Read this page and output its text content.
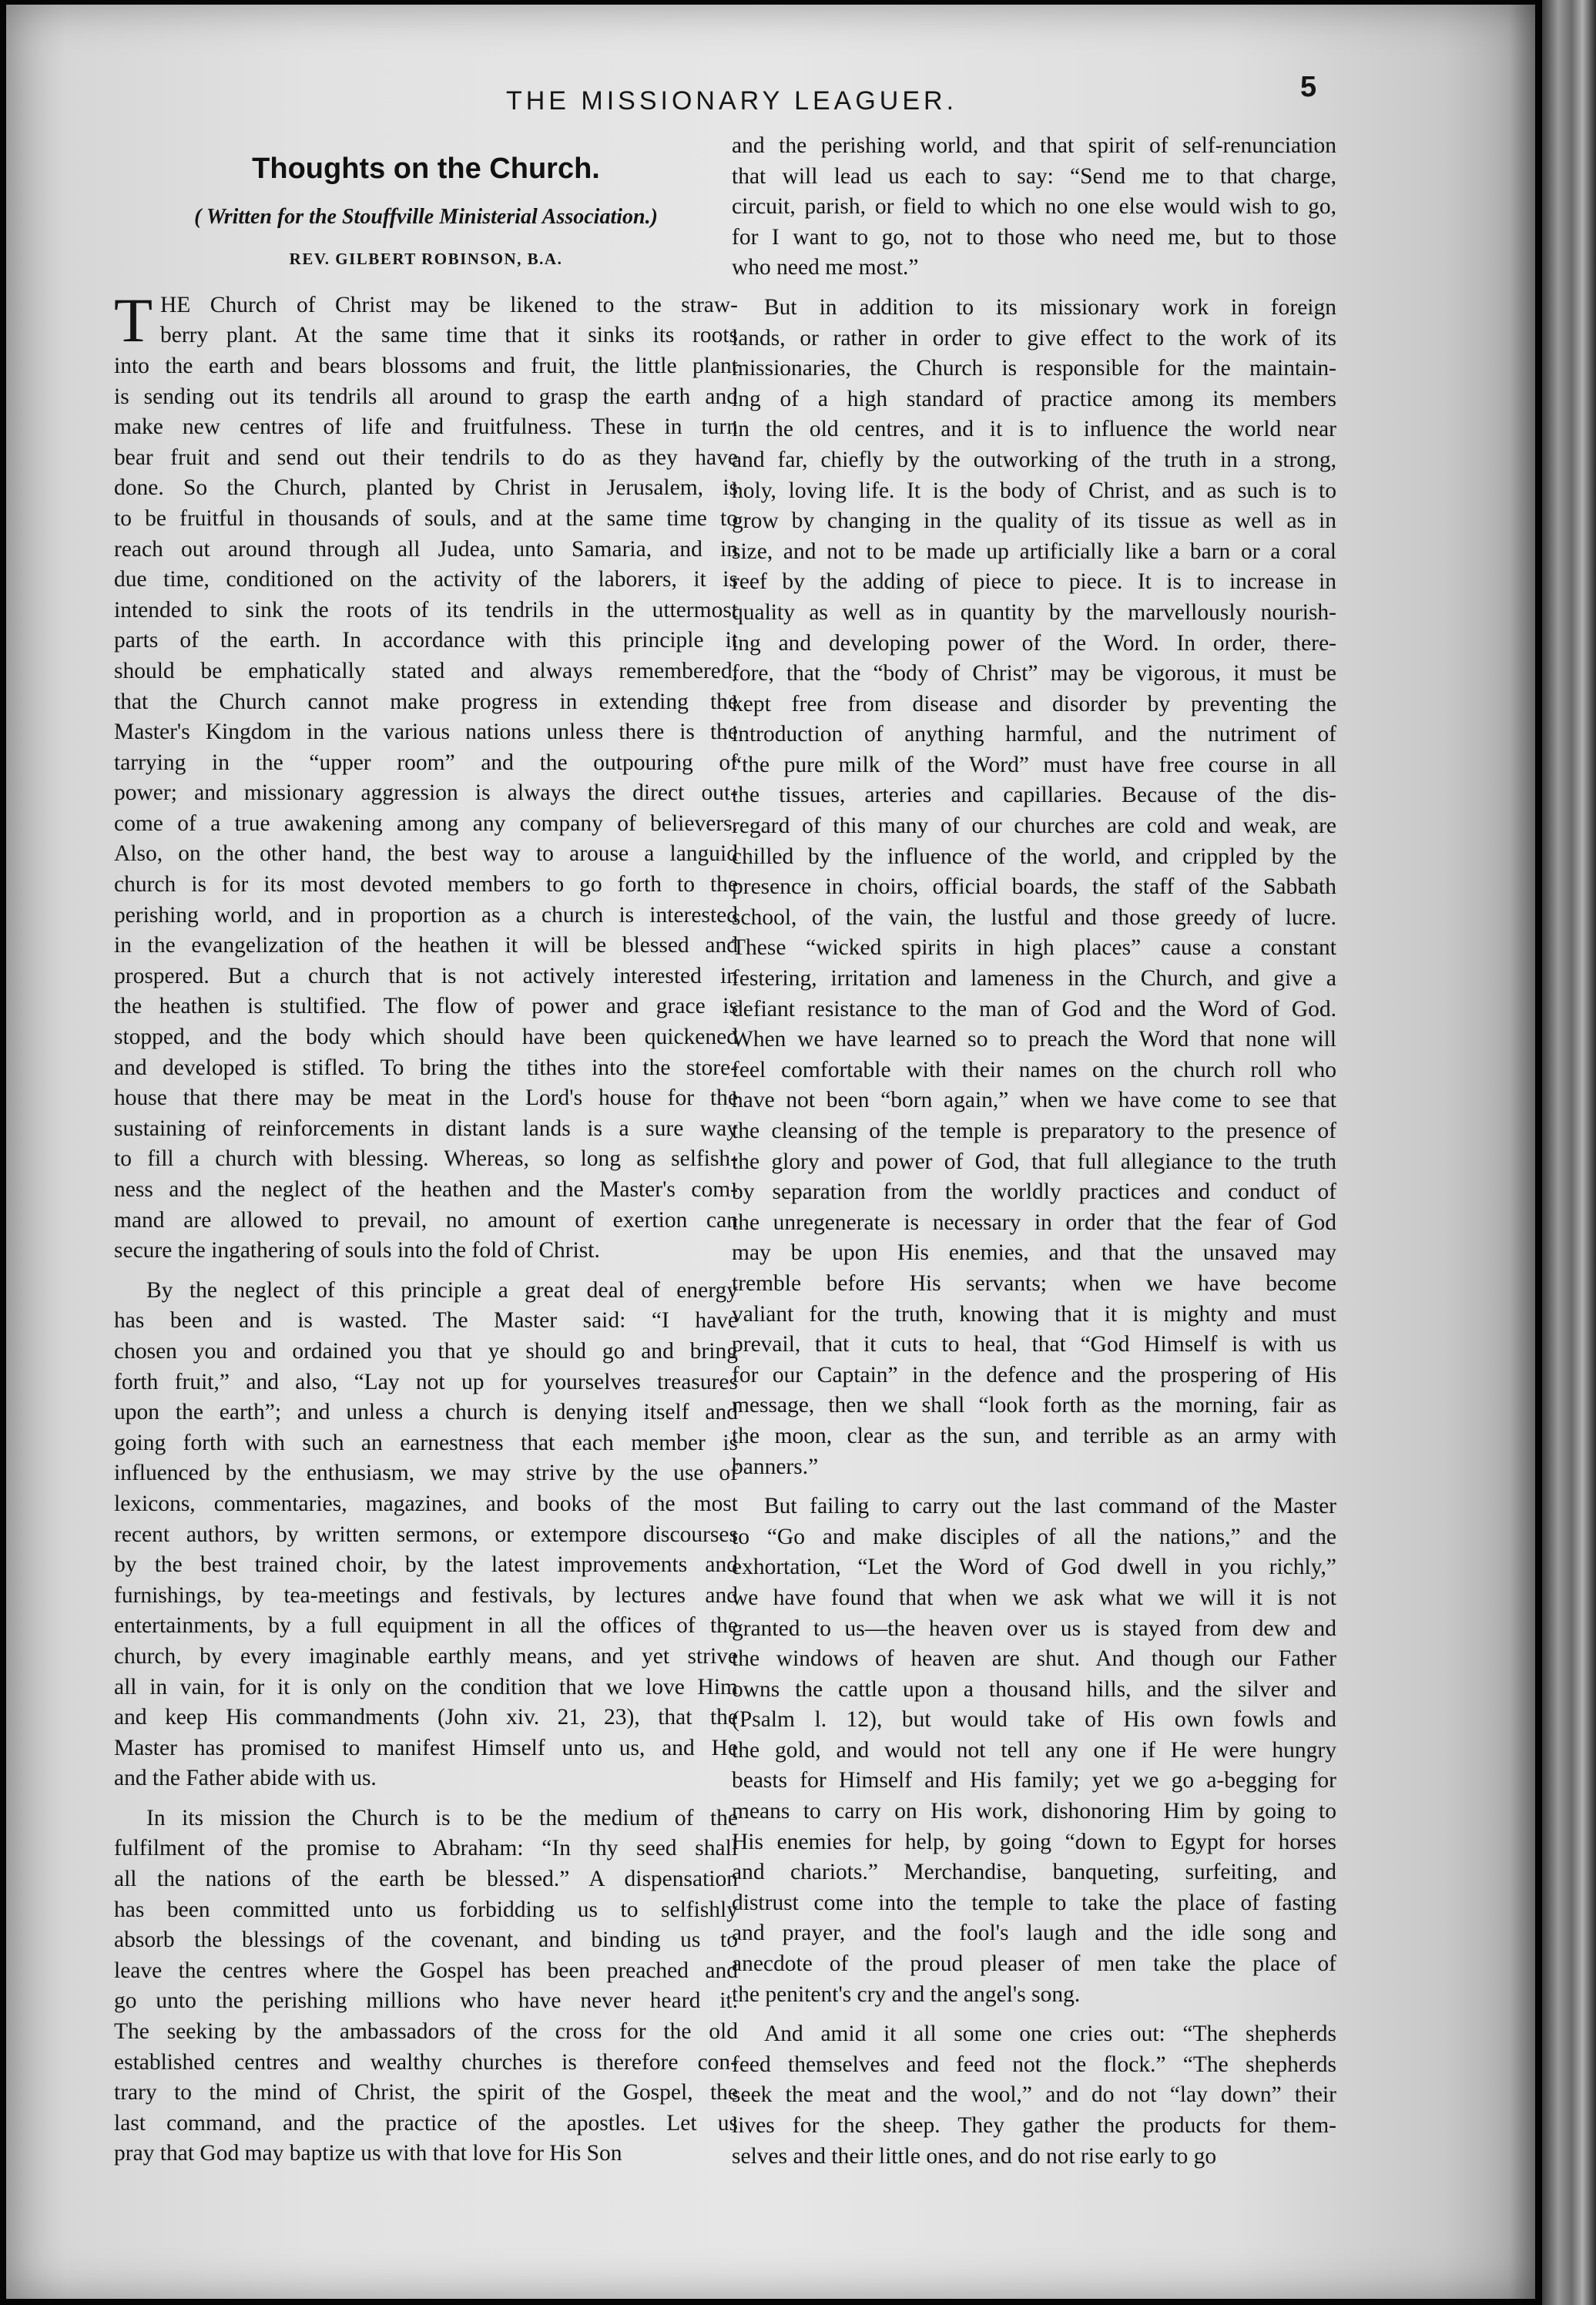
THE MISSIONARY LEAGUER.	5
Thoughts on the Church.
( Written for the Stouffville Ministerial Association.)
REV. GILBERT ROBINSON, B.A.
T HE Church of Christ may be likened to the straw-
berry plant. At the same time that it sinks its roots
into the earth and bears blossoms and fruit, the little plant
is sending out its tendrils all around to grasp the earth and
make new centres of life and fruitfulness. These in turn
bear fruit and send out their tendrils to do as they have
done. So the Church, planted by Christ in Jerusalem, is
to be fruitful in thousands of souls, and at the same time to
reach out around through all Judea, unto Samaria, and in
due time, conditioned on the activity of the laborers, it is
intended to sink the roots of its tendrils in the uttermost
parts of the earth. In accordance with this principle it
should be emphatically stated and always remembered,
that the Church cannot make progress in extending the
Master's Kingdom in the various nations unless there is the
tarrying in the “upper room” and the outpouring of
power; and missionary aggression is always the direct out-
come of a true awakening among any company of believers.
Also, on the other hand, the best way to arouse a languid
church is for its most devoted members to go forth to the
perishing world, and in proportion as a church is interested
in the evangelization of the heathen it will be blessed and
prospered. But a church that is not actively interested in
the heathen is stultified. The flow of power and grace is
stopped, and the body which should have been quickened
and developed is stifled. To bring the tithes into the store-
house that there may be meat in the Lord's house for the
sustaining of reinforcements in distant lands is a sure way
to fill a church with blessing. Whereas, so long as selfish-
ness and the neglect of the heathen and the Master's com-
mand are allowed to prevail, no amount of exertion can
secure the ingathering of souls into the fold of Christ.
By the neglect of this principle a great deal of energy
has been and is wasted. The Master said: “I have
chosen you and ordained you that ye should go and bring
forth fruit,” and also, “Lay not up for yourselves treasures
upon the earth”; and unless a church is denying itself and
going forth with such an earnestness that each member is
influenced by the enthusiasm, we may strive by the use of
lexicons, commentaries, magazines, and books of the most
recent authors, by written sermons, or extempore discourses
by the best trained choir, by the latest improvements and
furnishings, by tea-meetings and festivals, by lectures and
entertainments, by a full equipment in all the offices of the
church, by every imaginable earthly means, and yet strive
all in vain, for it is only on the condition that we love Him
and keep His commandments (John xiv. 21, 23), that the
Master has promised to manifest Himself unto us, and He
and the Father abide with us.
In its mission the Church is to be the medium of the
fulfilment of the promise to Abraham: “In thy seed shall
all the nations of the earth be blessed.” A dispensation
has been committed unto us forbidding us to selfishly
absorb the blessings of the covenant, and binding us to
leave the centres where the Gospel has been preached and
go unto the perishing millions who have never heard it.
The seeking by the ambassadors of the cross for the old
established centres and wealthy churches is therefore con-
trary to the mind of Christ, the spirit of the Gospel, the
last command, and the practice of the apostles. Let us
pray that God may baptize us with that love for His Son
and the perishing world, and that spirit of self-renunciation
that will lead us each to say: “Send me to that charge,
circuit, parish, or field to which no one else would wish to go,
for I want to go, not to those who need me, but to those
who need me most.”
But in addition to its missionary work in foreign
lands, or rather in order to give effect to the work of its
missionaries, the Church is responsible for the maintain-
ing of a high standard of practice among its members
in the old centres, and it is to influence the world near
and far, chiefly by the outworking of the truth in a strong,
holy, loving life. It is the body of Christ, and as such is to
grow by changing in the quality of its tissue as well as in
size, and not to be made up artificially like a barn or a coral
reef by the adding of piece to piece. It is to increase in
quality as well as in quantity by the marvellously nourish-
ing and developing power of the Word. In order, there-
fore, that the “body of Christ” may be vigorous, it must be
kept free from disease and disorder by preventing the
introduction of anything harmful, and the nutriment of
“the pure milk of the Word” must have free course in all
the tissues, arteries and capillaries. Because of the dis-
regard of this many of our churches are cold and weak, are
chilled by the influence of the world, and crippled by the
presence in choirs, official boards, the staff of the Sabbath
school, of the vain, the lustful and those greedy of lucre.
These “wicked spirits in high places” cause a constant
festering, irritation and lameness in the Church, and give a
defiant resistance to the man of God and the Word of God.
When we have learned so to preach the Word that none will
feel comfortable with their names on the church roll who
have not been “born again,” when we have come to see that
the cleansing of the temple is preparatory to the presence of
the glory and power of God, that full allegiance to the truth
by separation from the worldly practices and conduct of
the unregenerate is necessary in order that the fear of God
may be upon His enemies, and that the unsaved may
tremble before His servants; when we have become
valiant for the truth, knowing that it is mighty and must
prevail, that it cuts to heal, that “God Himself is with us
for our Captain” in the defence and the prospering of His
message, then we shall “look forth as the morning, fair as
the moon, clear as the sun, and terrible as an army with
banners.”
But failing to carry out the last command of the Master
to “Go and make disciples of all the nations,” and the
exhortation, “Let the Word of God dwell in you richly,”
we have found that when we ask what we will it is not
granted to us—the heaven over us is stayed from dew and
the windows of heaven are shut. And though our Father
owns the cattle upon a thousand hills, and the silver and
(Psalm l. 12), but would take of His own fowls and
the gold, and would not tell any one if He were hungry
beasts for Himself and His family; yet we go a-begging for
means to carry on His work, dishonoring Him by going to
His enemies for help, by going “down to Egypt for horses
and chariots.” Merchandise, banqueting, surfeiting, and
distrust come into the temple to take the place of fasting
and prayer, and the fool's laugh and the idle song and
anecdote of the proud pleaser of men take the place of
the penitent's cry and the angel's song.
And amid it all some one cries out: “The shepherds
feed themselves and feed not the flock.” “The shepherds
seek the meat and the wool,” and do not “lay down” their
lives for the sheep. They gather the products for them-
selves and their little ones, and do not rise early to go
